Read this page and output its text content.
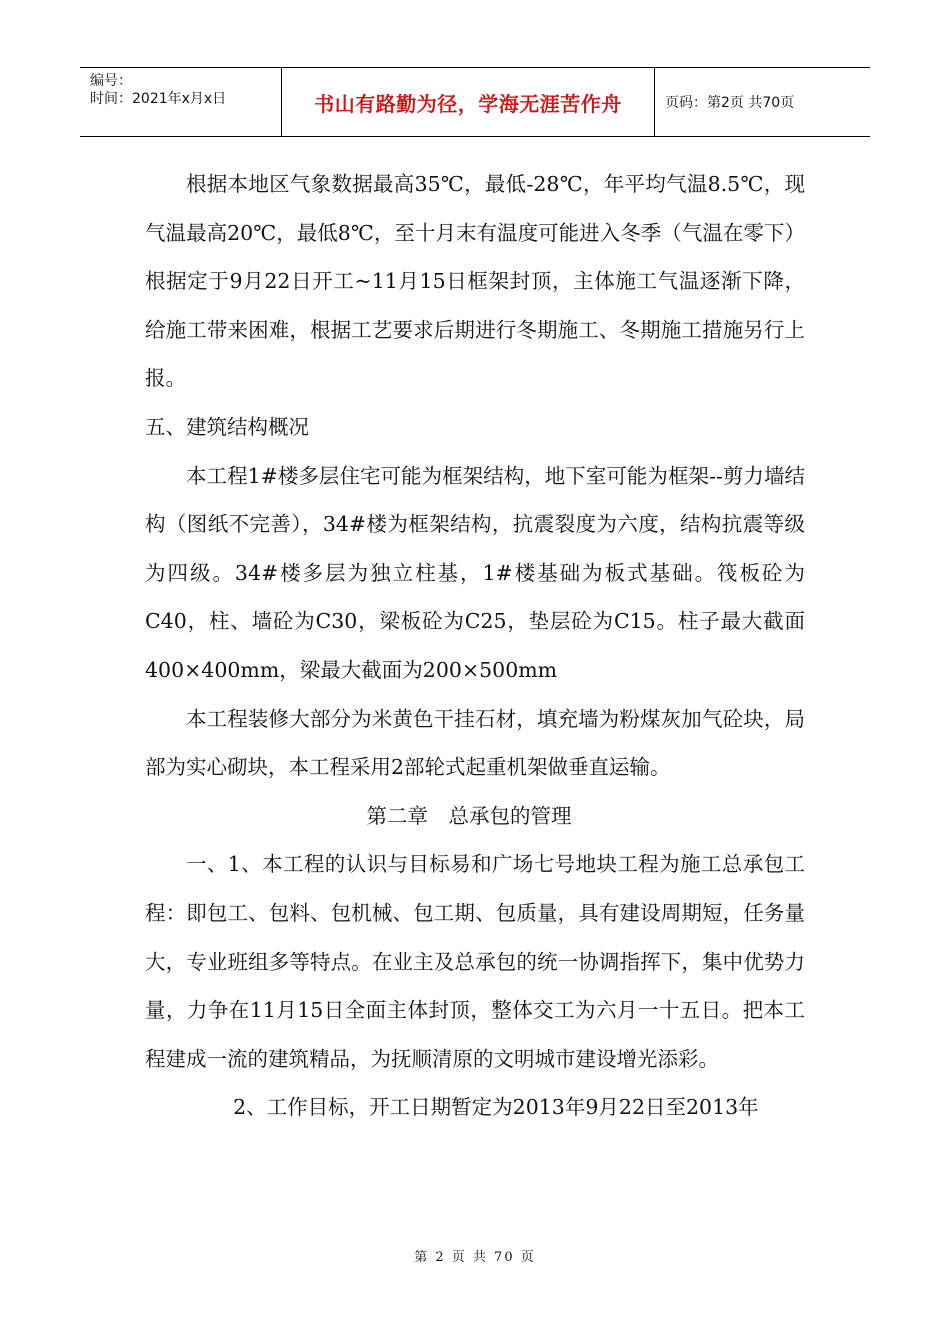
编号：
时间：2021年x月x日	书山有路勤为径，学海无涯苦作舟	页码：第2页 共70页

根据本地区气象数据最高35℃，最低-28℃，年平均气温8.5℃，现气温最高20℃，最低8℃，至十月末有温度可能进入冬季（气温在零下）根据定于9月22日开工~11月15日框架封顶，主体施工气温逐渐下降，给施工带来困难，根据工艺要求后期进行冬期施工、冬期施工措施另行上报。

五、建筑结构概况

本工程1#楼多层住宅可能为框架结构，地下室可能为框架--剪力墙结构（图纸不完善），34#楼为框架结构，抗震裂度为六度，结构抗震等级为四级。34#楼多层为独立柱基，1#楼基础为板式基础。筏板砼为C40，柱、墙砼为C30，梁板砼为C25，垫层砼为C15。柱子最大截面400×400mm，梁最大截面为200×500mm

本工程装修大部分为米黄色干挂石材，填充墙为粉煤灰加气砼块，局部为实心砌块，本工程采用2部轮式起重机架做垂直运输。

第二章　总承包的管理

一、1、本工程的认识与目标易和广场七号地块工程为施工总承包工程：即包工、包料、包机械、包工期、包质量，具有建设周期短，任务量大，专业班组多等特点。在业主及总承包的统一协调指挥下，集中优势力量，力争在11月15日全面主体封顶，整体交工为六月一十五日。把本工程建成一流的建筑精品，为抚顺清原的文明城市建设增光添彩。

2、工作目标，开工日期暂定为2013年9月22日至2013年

第 2 页 共 70 页
